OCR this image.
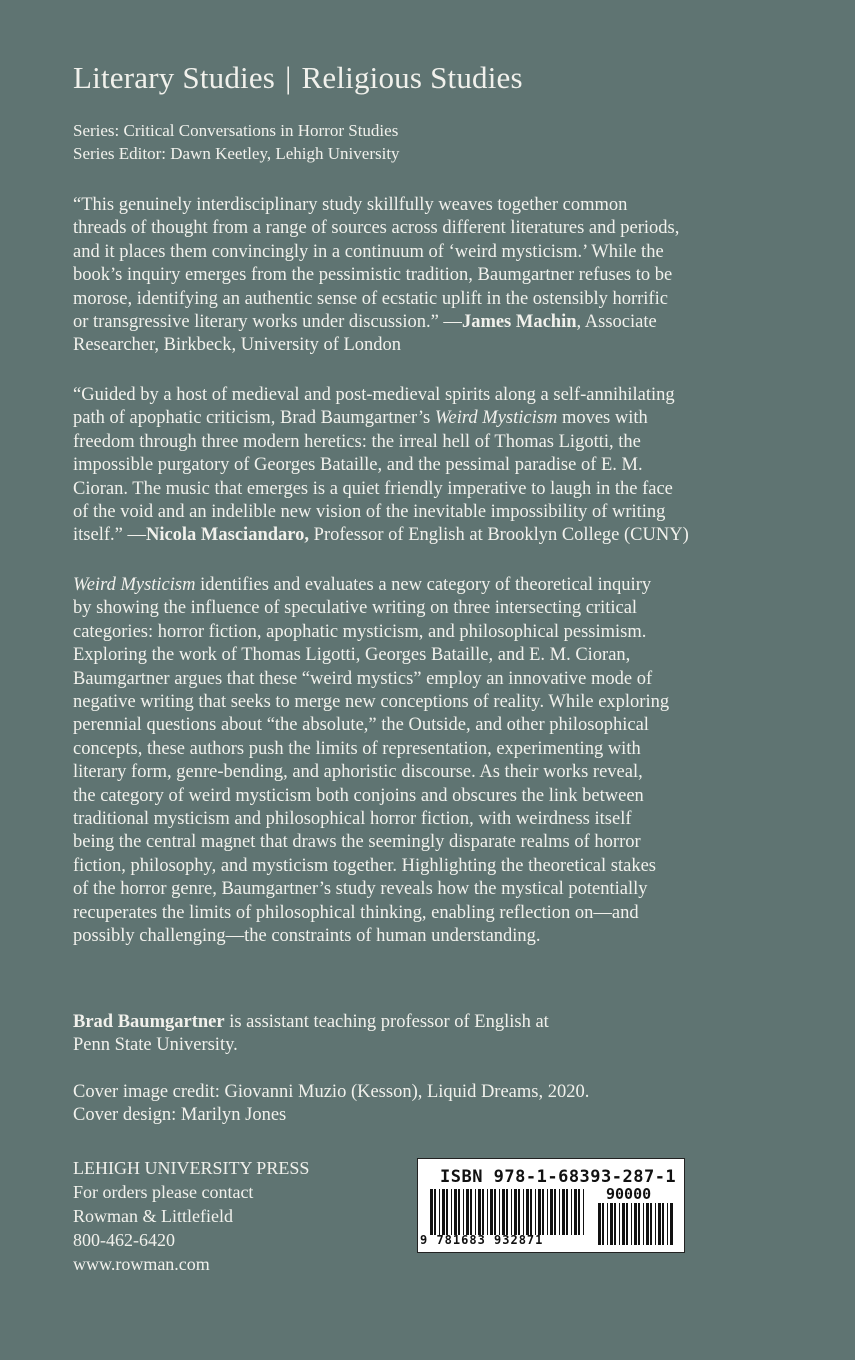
Literary Studies | Religious Studies
Series: Critical Conversations in Horror Studies
Series Editor: Dawn Keetley, Lehigh University
“This genuinely interdisciplinary study skillfully weaves together common
threads of thought from a range of sources across different literatures and periods,
and it places them convincingly in a continuum of ‘weird mysticism.’ While the
book’s inquiry emerges from the pessimistic tradition, Baumgartner refuses to be
morose, identifying an authentic sense of ecstatic uplift in the ostensibly horrific
or transgressive literary works under discussion.” —James Machin, Associate
Researcher, Birkbeck, University of London
“Guided by a host of medieval and post-medieval spirits along a self-annihilating
path of apophatic criticism, Brad Baumgartner’s Weird Mysticism moves with
freedom through three modern heretics: the irreal hell of Thomas Ligotti, the
impossible purgatory of Georges Bataille, and the pessimal paradise of E. M.
Cioran. The music that emerges is a quiet friendly imperative to laugh in the face
of the void and an indelible new vision of the inevitable impossibility of writing
itself.” —Nicola Masciandaro, Professor of English at Brooklyn College (CUNY)
Weird Mysticism identifies and evaluates a new category of theoretical inquiry
by showing the influence of speculative writing on three intersecting critical
categories: horror fiction, apophatic mysticism, and philosophical pessimism.
Exploring the work of Thomas Ligotti, Georges Bataille, and E. M. Cioran,
Baumgartner argues that these “weird mystics” employ an innovative mode of
negative writing that seeks to merge new conceptions of reality. While exploring
perennial questions about “the absolute,” the Outside, and other philosophical
concepts, these authors push the limits of representation, experimenting with
literary form, genre-bending, and aphoristic discourse. As their works reveal,
the category of weird mysticism both conjoins and obscures the link between
traditional mysticism and philosophical horror fiction, with weirdness itself
being the central magnet that draws the seemingly disparate realms of horror
fiction, philosophy, and mysticism together. Highlighting the theoretical stakes
of the horror genre, Baumgartner’s study reveals how the mystical potentially
recuperates the limits of philosophical thinking, enabling reflection on—and
possibly challenging—the constraints of human understanding.
Brad Baumgartner is assistant teaching professor of English at
Penn State University.
Cover image credit: Giovanni Muzio (Kesson), Liquid Dreams, 2020.
Cover design: Marilyn Jones
LEHIGH UNIVERSITY PRESS
For orders please contact
Rowman & Littlefield
800-462-6420
www.rowman.com
ISBN 978-1-68393-287-1
90000
9 781683 932871
